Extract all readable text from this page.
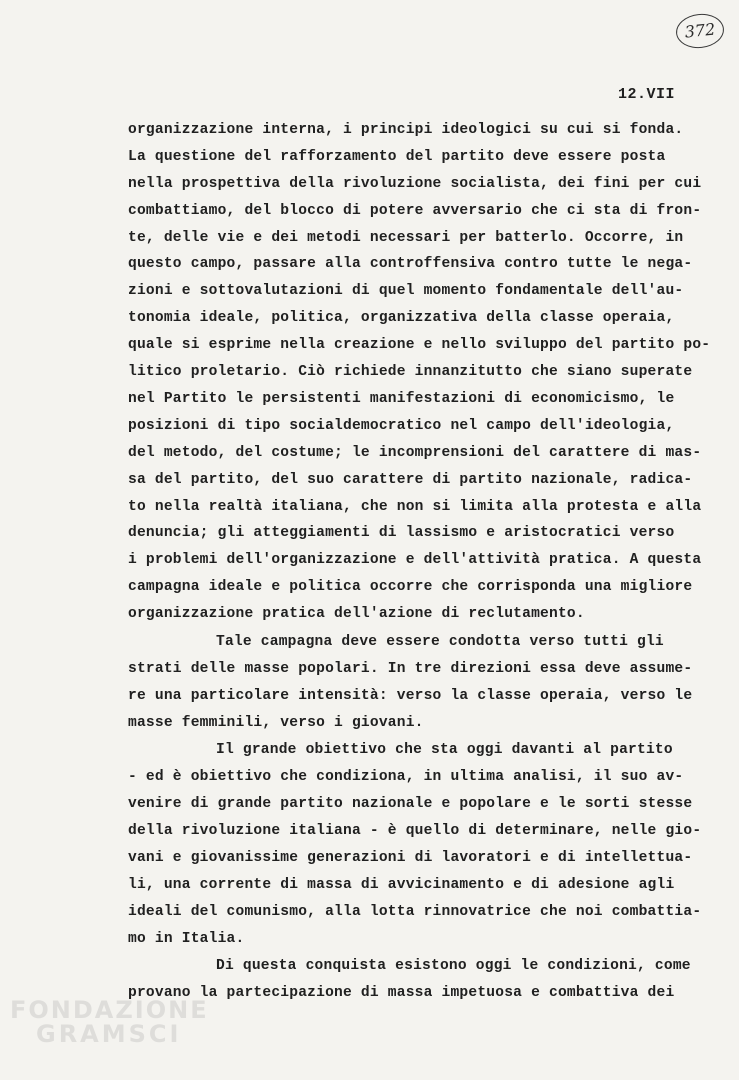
372
12.VII
organizzazione interna, i principi ideologici su cui si fonda.
La questione del rafforzamento del partito deve essere posta
nella prospettiva della rivoluzione socialista, dei fini per cui
combattiamo, del blocco di potere avversario che ci sta di fron-
te, delle vie e dei metodi necessari per batterlo. Occorre, in
questo campo, passare alla controffensiva contro tutte le nega-
zioni e sottovalutazioni di quel momento fondamentale dell'au-
tonomia ideale, politica, organizzativa della classe operaia,
quale si esprime nella creazione e nello sviluppo del partito po-
litico proletario. Ciò richiede innanzitutto che siano superate
nel Partito le persistenti manifestazioni di economicismo, le
posizioni di tipo socialdemocratico nel campo dell'ideologia,
del metodo, del costume; le incomprensioni del carattere di mas-
sa del partito, del suo carattere di partito nazionale, radica-
to nella realtà italiana, che non si limita alla protesta e alla
denuncia; gli atteggiamenti di lassismo e aristocratici verso
i problemi dell'organizzazione e dell'attività pratica. A questa
campagna ideale e politica occorre che corrisponda una migliore
organizzazione pratica dell'azione di reclutamento.
Tale campagna deve essere condotta verso tutti gli
strati delle masse popolari. In tre direzioni essa deve assume-
re una particolare intensità: verso la classe operaia, verso le
masse femminili, verso i giovani.
Il grande obiettivo che sta oggi davanti al partito
- ed è obiettivo che condiziona, in ultima analisi, il suo av-
venire di grande partito nazionale e popolare e le sorti stesse
della rivoluzione italiana - è quello di determinare, nelle gio-
vani e giovanissime generazioni di lavoratori e di intellettua-
li, una corrente di massa di avvicinamento e di adesione agli
ideali del comunismo, alla lotta rinnovatrice che noi combattia-
mo in Italia.
Di questa conquista esistono oggi le condizioni, come
provano la partecipazione di massa impetuosa e combattiva dei
FONDAZIONE
GRAMSCI
